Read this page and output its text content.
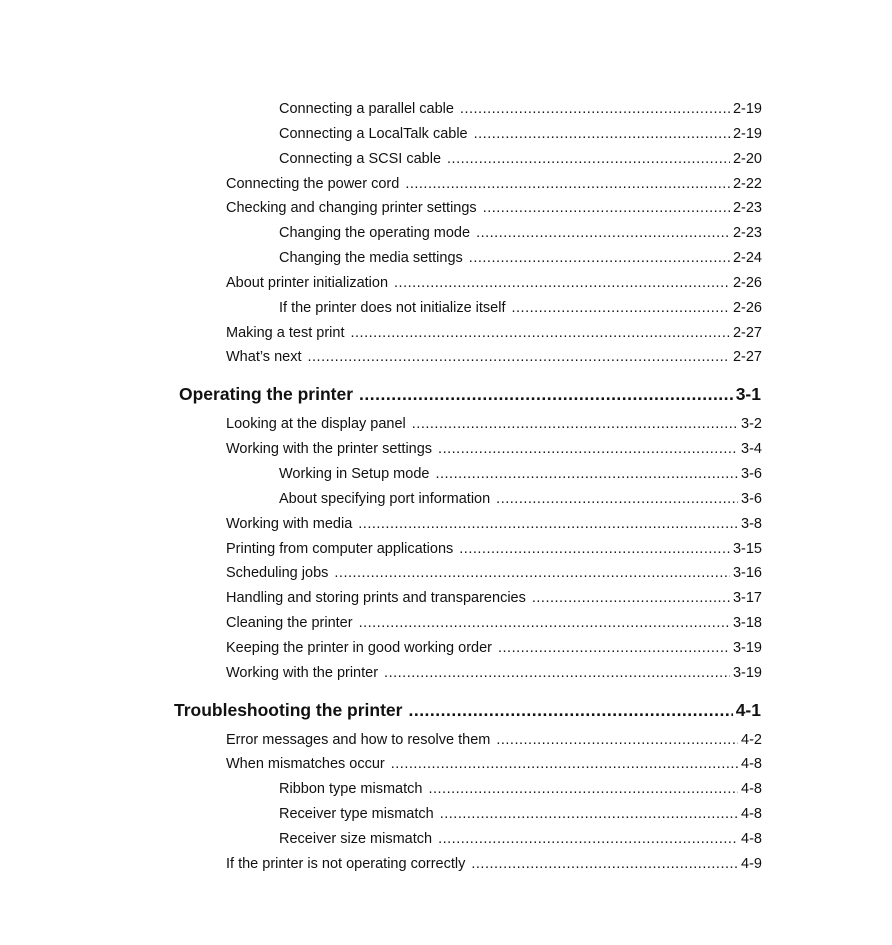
Connecting a parallel cable .....	2-19
Connecting a LocalTalk cable .....	2-19
Connecting a SCSI cable .....	2-20
Connecting the power cord .....	2-22
Checking and changing printer settings .....	2-23
Changing the operating mode .....	2-23
Changing the media settings .....	2-24
About printer initialization .....	2-26
If the printer does not initialize itself .....	2-26
Making a test print .....	2-27
What’s next .....	2-27
Operating the printer .....	3-1
Looking at the display panel .....	3-2
Working with the printer settings .....	3-4
Working in Setup mode .....	3-6
About specifying port information .....	3-6
Working with media .....	3-8
Printing from computer applications .....	3-15
Scheduling jobs .....	3-16
Handling and storing prints and transparencies .....	3-17
Cleaning the printer .....	3-18
Keeping the printer in good working order .....	3-19
Working with the printer .....	3-19
Troubleshooting the printer .....	4-1
Error messages and how to resolve them .....	4-2
When mismatches occur .....	4-8
Ribbon type mismatch .....	4-8
Receiver type mismatch .....	4-8
Receiver size mismatch .....	4-8
If the printer is not operating correctly .....	4-9
